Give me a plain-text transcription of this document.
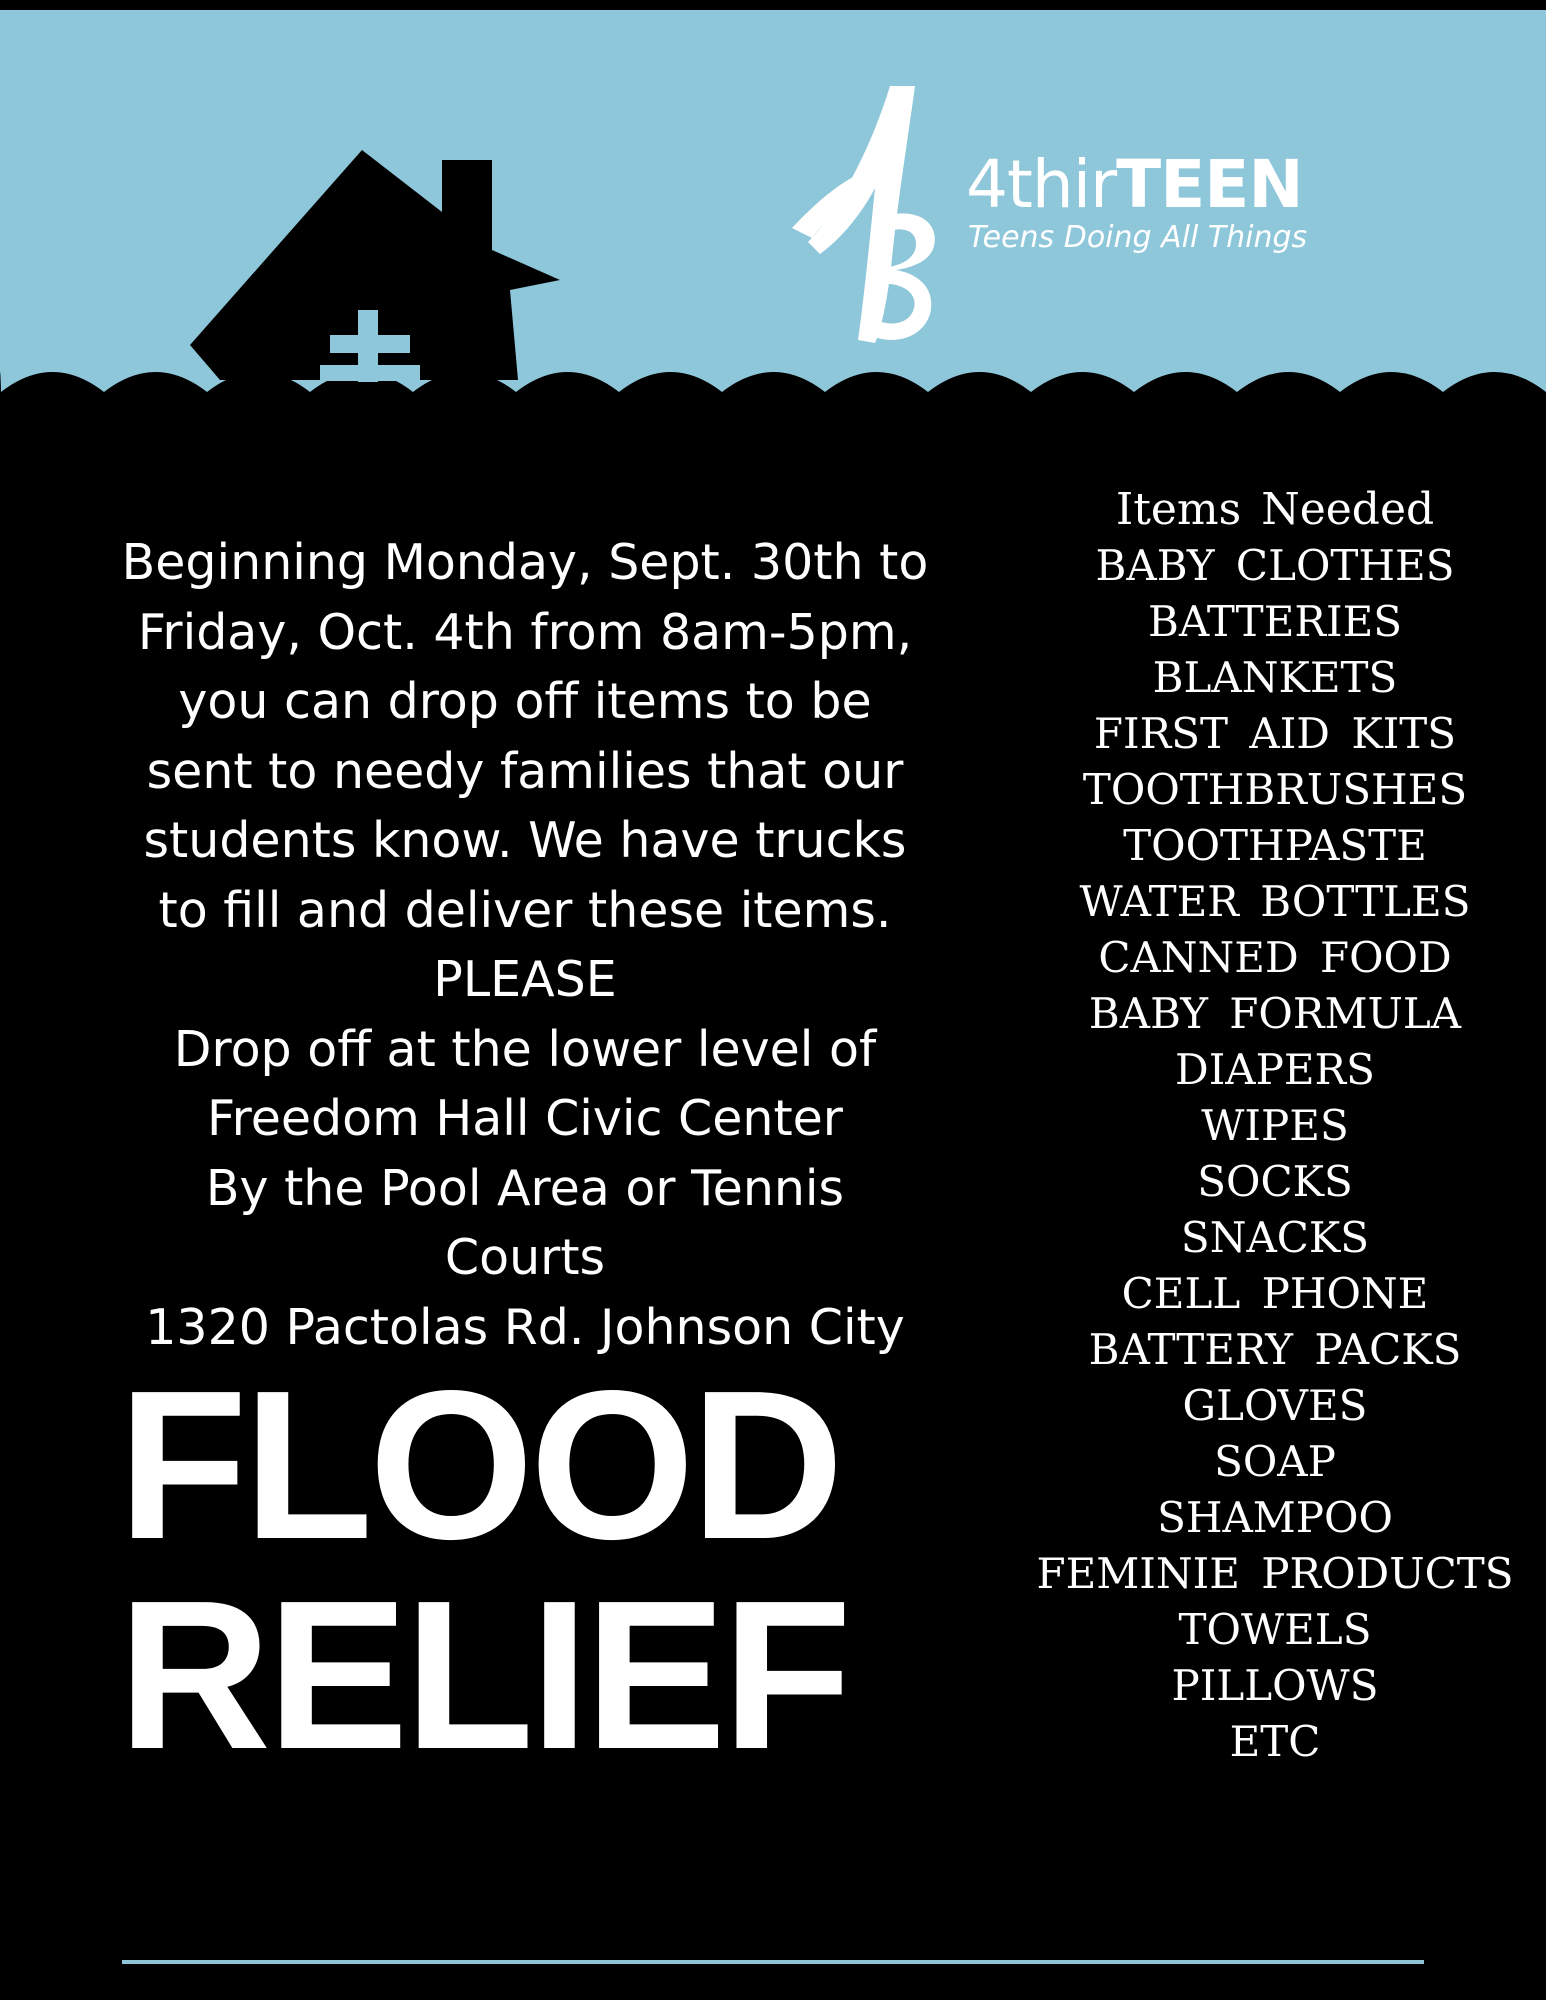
4thirTEEN
Teens Doing All Things

Beginning Monday, Sept. 30th to

Friday, Oct. 4th from 8am-5pm,

you can drop off items to be

sent to needy families that our

students know. We have trucks

to fill and deliver these items.

PLEASE

Drop off at the lower level of

Freedom Hall Civic Center

By the Pool Area or Tennis

Courts

1320 Pactolas Rd. Johnson City

FLOOD
RELIEF
Items Needed
BABY CLOTHES
BATTERIES
BLANKETS
FIRST AID KITS
TOOTHBRUSHES
TOOTHPASTE
WATER BOTTLES
CANNED FOOD
BABY FORMULA
DIAPERS
WIPES
SOCKS
SNACKS
CELL PHONE
BATTERY PACKS
GLOVES
SOAP
SHAMPOO
FEMINIE PRODUCTS
TOWELS
PILLOWS
ETC
